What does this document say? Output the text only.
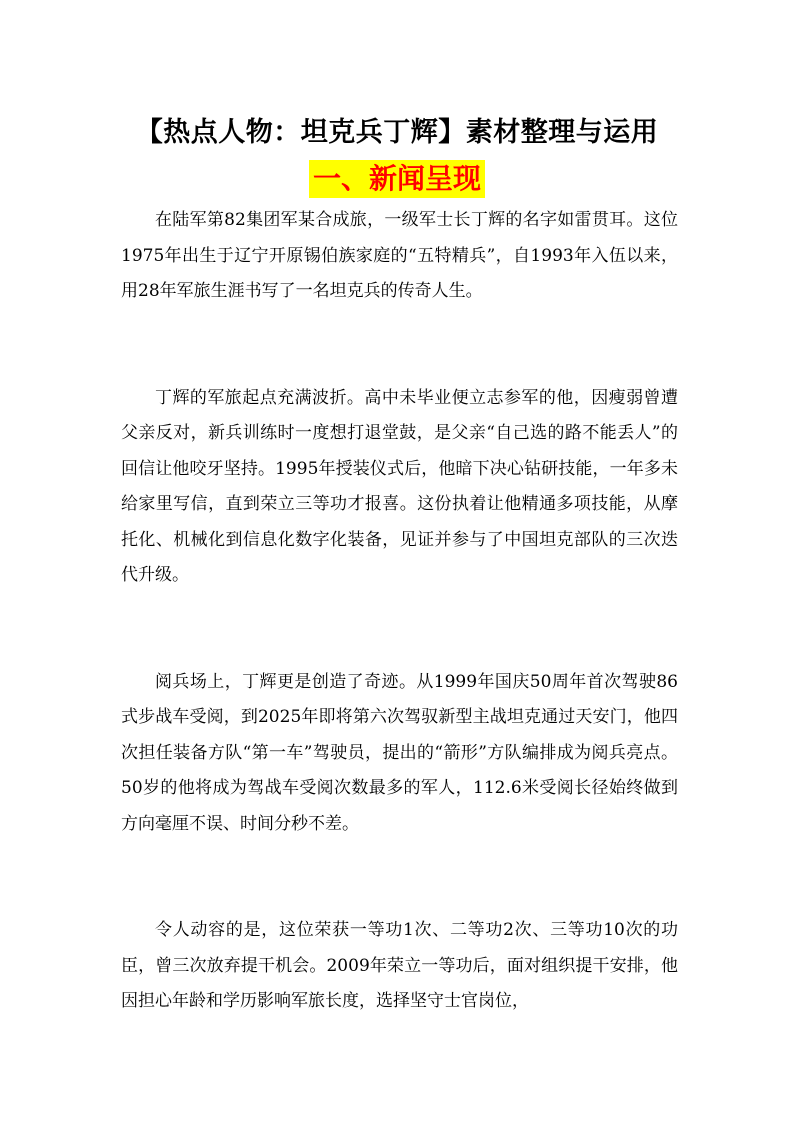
【热点人物：坦克兵丁辉】素材整理与运用
一、新闻呈现

在陆军第82集团军某合成旅，一级军士长丁辉的名字如雷贯耳。这位1975年出生于辽宁开原锡伯族家庭的“五特精兵”，自1993年入伍以来，用28年军旅生涯书写了一名坦克兵的传奇人生。

丁辉的军旅起点充满波折。高中未毕业便立志参军的他，因瘦弱曾遭父亲反对，新兵训练时一度想打退堂鼓，是父亲“自己选的路不能丢人”的回信让他咬牙坚持。1995年授装仪式后，他暗下决心钻研技能，一年多未给家里写信，直到荣立三等功才报喜。这份执着让他精通多项技能，从摩托化、机械化到信息化数字化装备，见证并参与了中国坦克部队的三次迭代升级。

阅兵场上，丁辉更是创造了奇迹。从1999年国庆50周年首次驾驶86式步战车受阅，到2025年即将第六次驾驭新型主战坦克通过天安门，他四次担任装备方队“第一车”驾驶员，提出的“箭形”方队编排成为阅兵亮点。50岁的他将成为驾战车受阅次数最多的军人，112.6米受阅长径始终做到方向毫厘不误、时间分秒不差。

令人动容的是，这位荣获一等功1次、二等功2次、三等功10次的功臣，曾三次放弃提干机会。2009年荣立一等功后，面对组织提干安排，他因担心年龄和学历影响军旅长度，选择坚守士官岗位，
